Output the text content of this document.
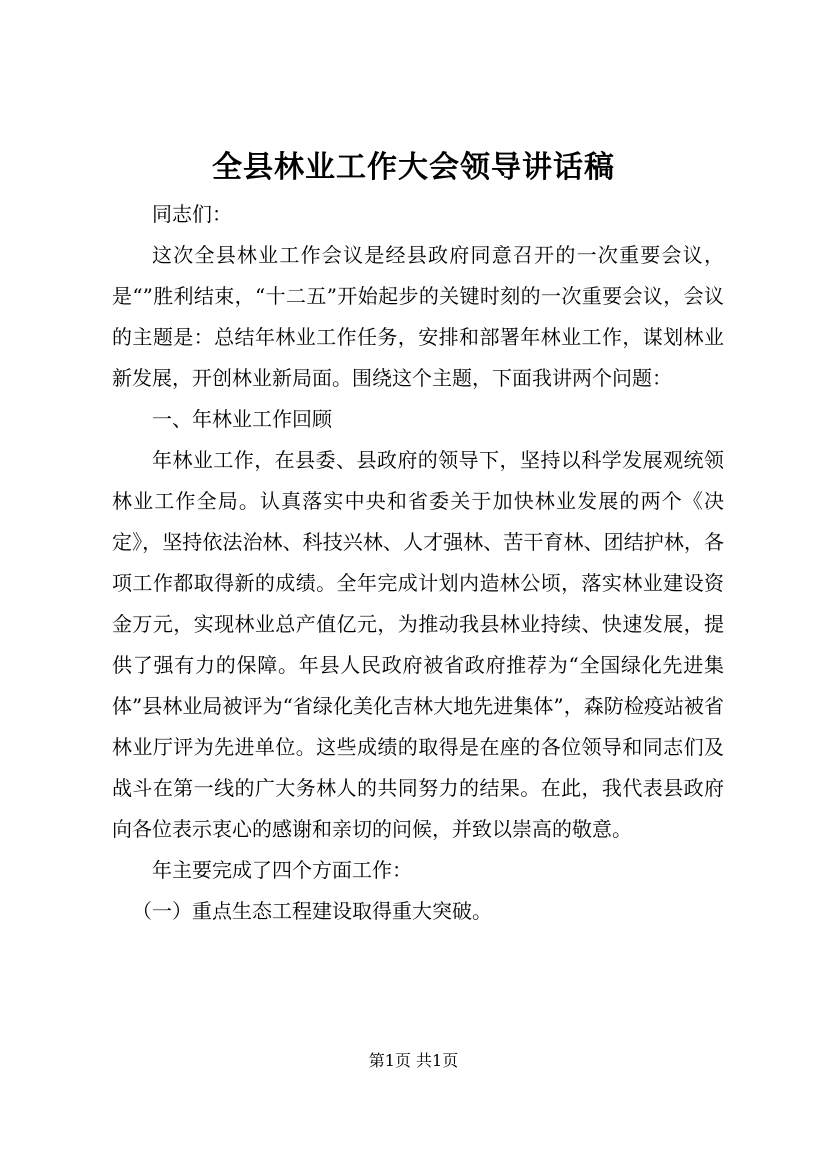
全县林业工作大会领导讲话稿

同志们：

这次全县林业工作会议是经县政府同意召开的一次重要会议，是“”胜利结束，“十二五”开始起步的关键时刻的一次重要会议，会议的主题是：总结年林业工作任务，安排和部署年林业工作，谋划林业新发展，开创林业新局面。围绕这个主题，下面我讲两个问题：

一、年林业工作回顾

年林业工作，在县委、县政府的领导下，坚持以科学发展观统领林业工作全局。认真落实中央和省委关于加快林业发展的两个《决定》，坚持依法治林、科技兴林、人才强林、苦干育林、团结护林，各项工作都取得新的成绩。全年完成计划内造林公顷，落实林业建设资金万元，实现林业总产值亿元，为推动我县林业持续、快速发展，提供了强有力的保障。年县人民政府被省政府推荐为“全国绿化先进集体”县林业局被评为“省绿化美化吉林大地先进集体”，森防检疫站被省林业厅评为先进单位。这些成绩的取得是在座的各位领导和同志们及战斗在第一线的广大务林人的共同努力的结果。在此，我代表县政府向各位表示衷心的感谢和亲切的问候，并致以崇高的敬意。

年主要完成了四个方面工作：

（一）重点生态工程建设取得重大突破。

第1页 共1页
